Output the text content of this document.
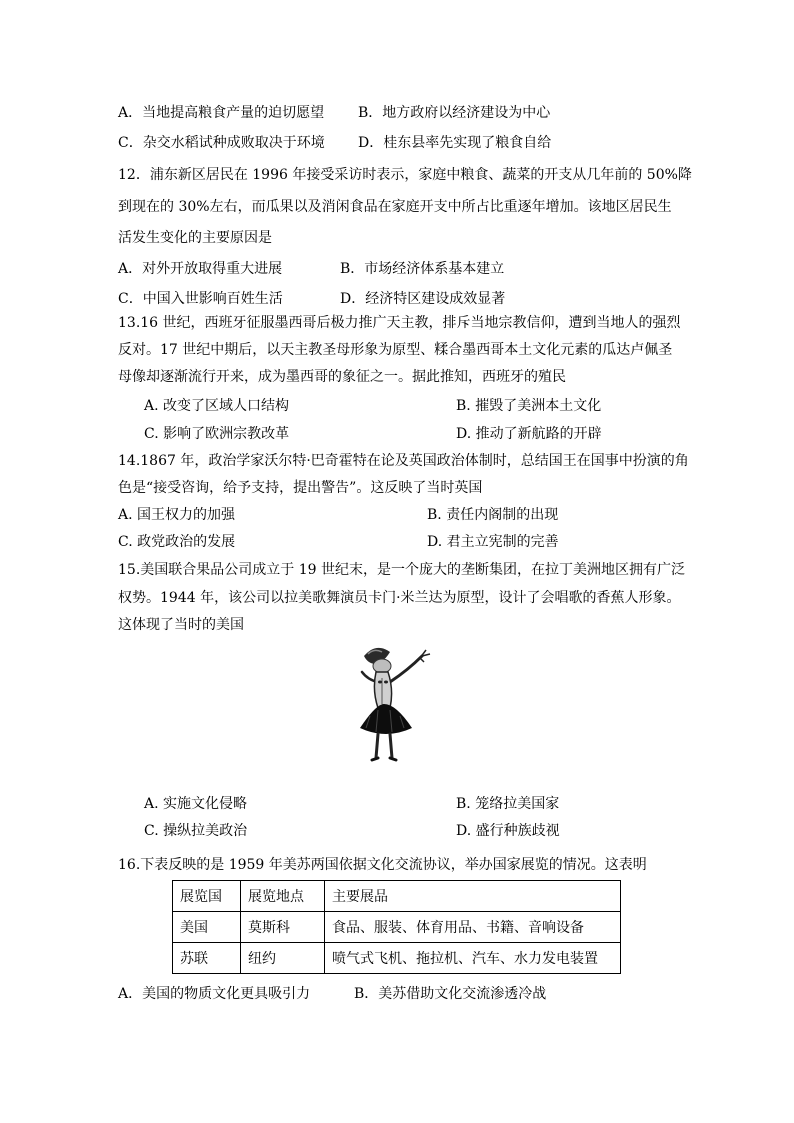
A．当地提高粮食产量的迫切愿望 B．地方政府以经济建设为中心
C．杂交水稻试种成败取决于环境 D．桂东县率先实现了粮食自给
12．浦东新区居民在 1996 年接受采访时表示，家庭中粮食、蔬菜的开支从几年前的 50%降
到现在的 30%左右，而瓜果以及消闲食品在家庭开支中所占比重逐年增加。该地区居民生
活发生变化的主要原因是
A．对外开放取得重大进展	B．市场经济体系基本建立
C．中国入世影响百姓生活	D．经济特区建设成效显著
13.16 世纪，西班牙征服墨西哥后极力推广天主教，排斥当地宗教信仰，遭到当地人的强烈
反对。17 世纪中期后，以天主教圣母形象为原型、糅合墨西哥本土文化元素的瓜达卢佩圣
母像却逐渐流行开来，成为墨西哥的象征之一。据此推知，西班牙的殖民
A. 改变了区域人口结构	B. 摧毁了美洲本土文化
C. 影响了欧洲宗教改革	D. 推动了新航路的开辟
14.1867 年，政治学家沃尔特·巴奇霍特在论及英国政治体制时，总结国王在国事中扮演的角
色是“接受咨询，给予支持，提出警告”。这反映了当时英国
A. 国王权力的加强	B. 责任内阁制的出现
C. 政党政治的发展	D. 君主立宪制的完善
15.美国联合果品公司成立于 19 世纪末，是一个庞大的垄断集团，在拉丁美洲地区拥有广泛
权势。1944 年，该公司以拉美歌舞演员卡门·米兰达为原型，设计了会唱歌的香蕉人形象。
这体现了当时的美国
A. 实施文化侵略	B. 笼络拉美国家
C. 操纵拉美政治	D. 盛行种族歧视
16.下表反映的是 1959 年美苏两国依据文化交流协议，举办国家展览的情况。这表明
展览国	展览地点	主要展品
美国	莫斯科	食品、服装、体育用品、书籍、音响设备
苏联	纽约	喷气式飞机、拖拉机、汽车、水力发电装置
A．美国的物质文化更具吸引力	B．美苏借助文化交流渗透冷战
